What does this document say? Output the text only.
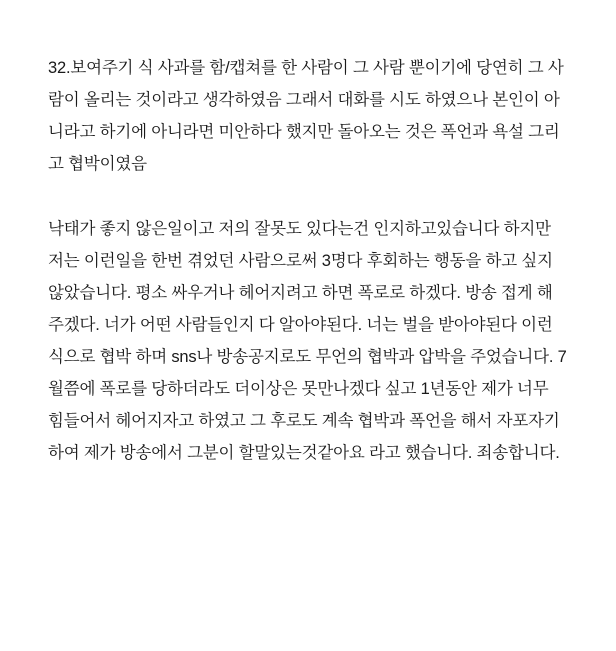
32.보여주기 식 사과를 함/캡쳐를 한 사람이 그 사람 뿐이기에 당연히 그 사람이 올리는 것이라고 생각하였음 그래서 대화를 시도 하였으나 본인이 아니라고 하기에 아니라면 미안하다 했지만 돌아오는 것은 폭언과 욕설 그리고 협박이였음

낙태가 좋지 않은일이고 저의 잘못도 있다는건 인지하고있습니다 하지만 저는 이런일을 한번 겪었던 사람으로써 3명다 후회하는 행동을 하고 싶지 않았습니다. 평소 싸우거나 헤어지려고 하면 폭로로 하겠다. 방송 접게 해주겠다. 너가 어떤 사람들인지 다 알아야된다. 너는 벌을 받아야된다 이런식으로 협박 하며 sns나 방송공지로도 무언의 협박과 압박을 주었습니다. 7월쯤에 폭로를 당하더라도 더이상은 못만나겠다 싶고 1년동안 제가 너무 힘들어서 헤어지자고 하였고 그 후로도 계속 협박과 폭언을 해서 자포자기하여 제가 방송에서 그분이 할말있는것같아요 라고 했습니다. 죄송합니다.
